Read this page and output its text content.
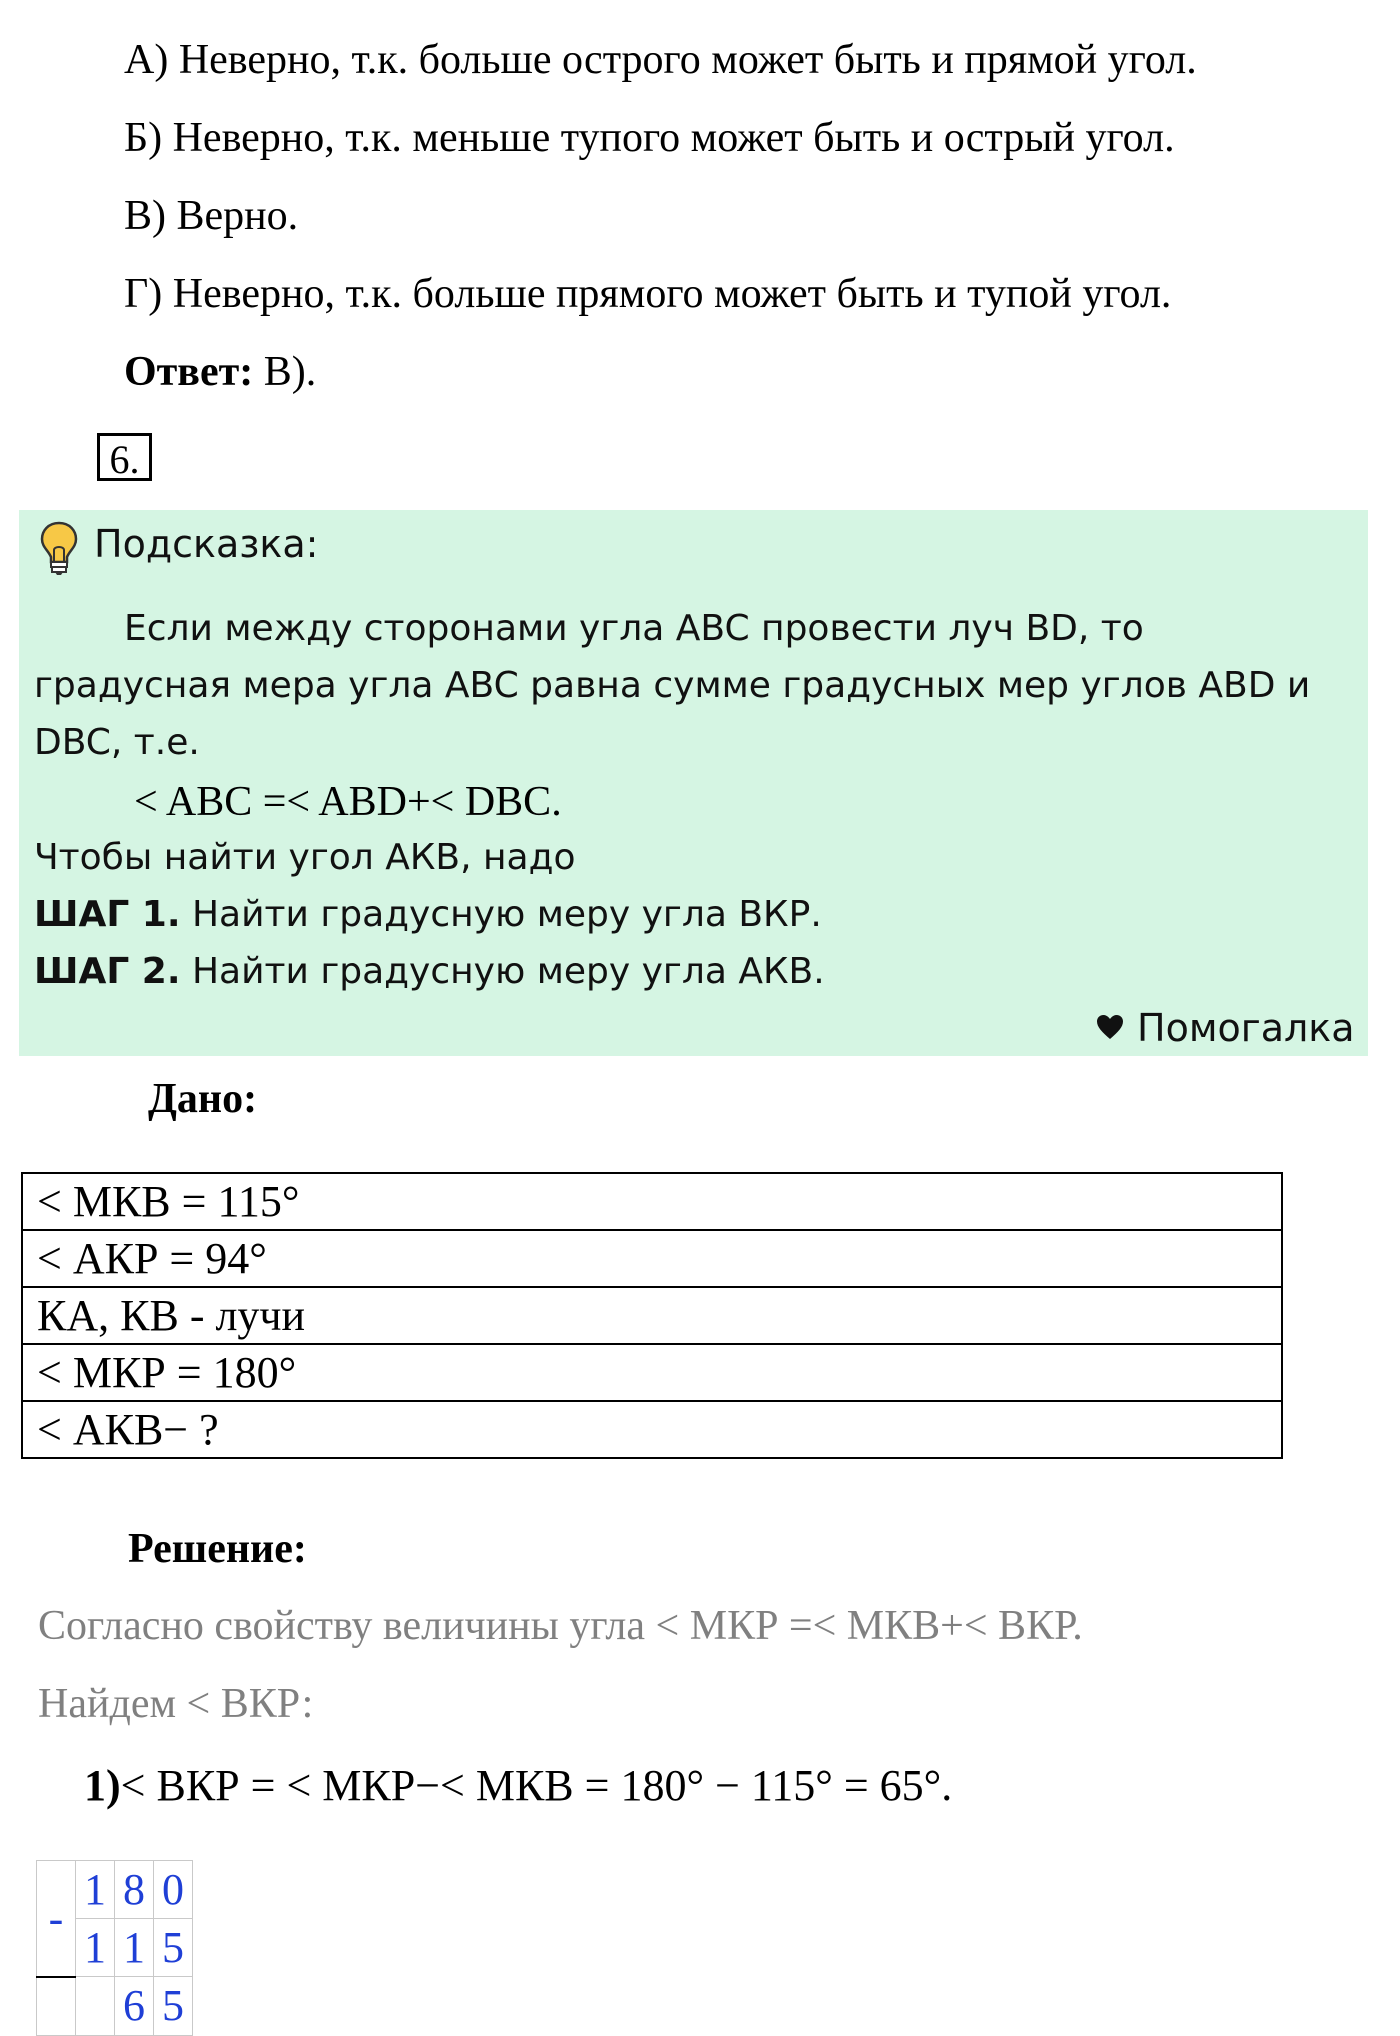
А) Неверно, т.к. больше острого может быть и прямой угол.
Б) Неверно, т.к. меньше тупого может быть и острый угол.
В) Верно.
Г) Неверно, т.к. больше прямого может быть и тупой угол.
Ответ: В).
6.
Подсказка:
Если между сторонами угла ABC провести луч BD, то
градусная мера угла ABC равна сумме градусных мер углов ABD и
DBC, т.е.
< ABC =< ABD+< DBC.
Чтобы найти угол АКВ, надо
ШАГ 1. Найти градусную меру угла ВКР.
ШАГ 2. Найти градусную меру угла АКВ.
Помогалка
Дано:
< МКВ = 115°
< АКР = 94°
КА, КВ - лучи
< МКР = 180°
< АКВ− ?
Решение:
Согласно свойству величины угла < МКР =< МКВ+< ВКР.
Найдем < ВКР:
1)< ВКР = < МКР−< МКВ = 180° − 115° = 65°.
-	1	8	0
	1	1	5
		6	5
